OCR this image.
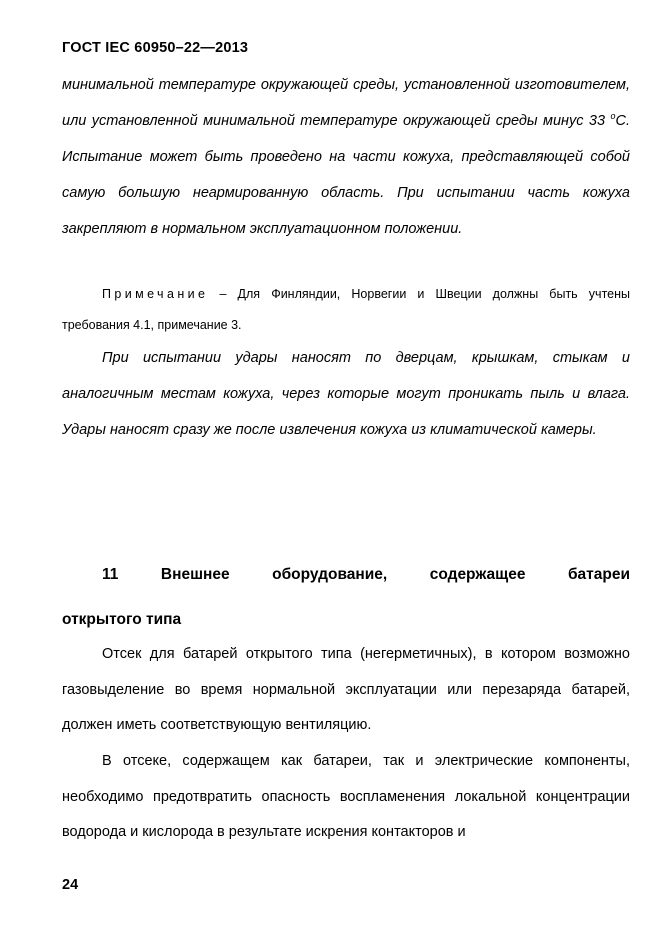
ГОСТ IEC 60950–22—2013
минимальной температуре окружающей среды, установленной изготовителем, или установленной минимальной температуре окружающей среды минус 33 $^o$С. Испытание может быть проведено на части кожуха, представляющей собой самую большую неармированную область. При испытании часть кожуха закрепляют в нормальном эксплуатационном положении.
Примечание – Для Финляндии, Норвегии и Швеции должны быть учтены требования 4.1, примечание 3.
При испытании удары наносят по дверцам, крышкам, стыкам и аналогичным местам кожуха, через которые могут проникать пыль и влага. Удары наносят сразу же после извлечения кожуха из климатической камеры.
11	Внешнее	оборудование,	содержащее	батареи
открытого типа
Отсек для батарей открытого типа (негерметичных), в котором возможно газовыделение во время нормальной эксплуатации или перезаряда батарей, должен иметь соответствующую вентиляцию.
В отсеке, содержащем как батареи, так и электрические компоненты, необходимо предотвратить опасность воспламенения локальной концентрации водорода и кислорода в результате искрения контакторов и
24
